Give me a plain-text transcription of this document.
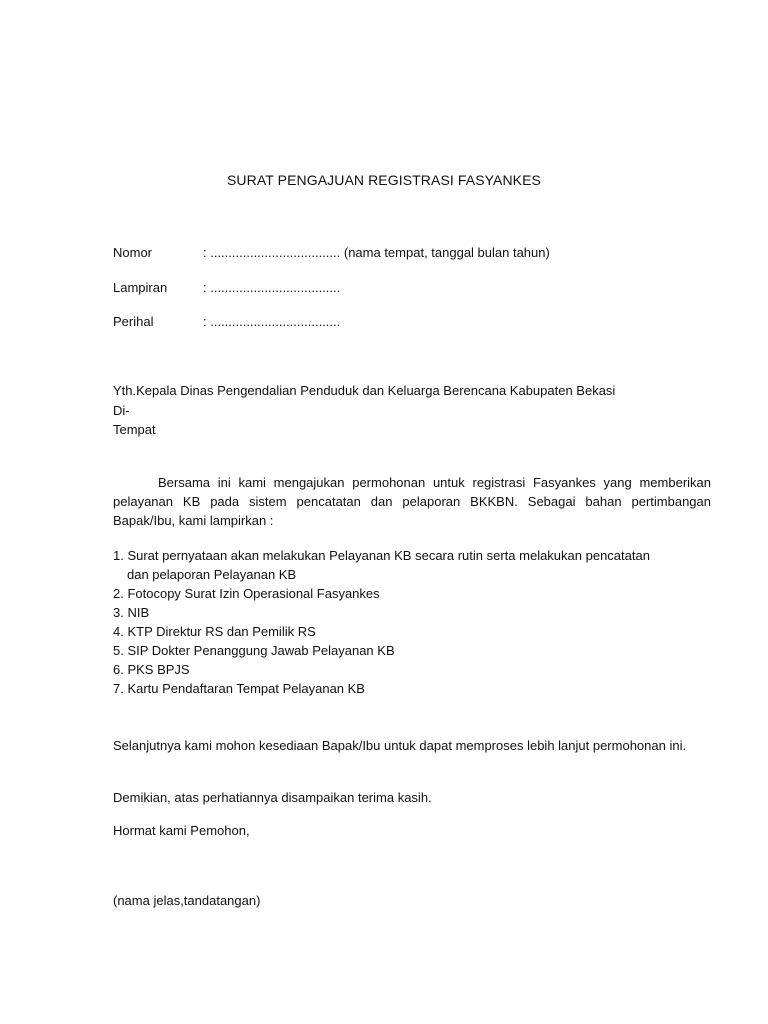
SURAT PENGAJUAN REGISTRASI FASYANKES
Nomor	: .................................... (nama tempat, tanggal bulan tahun)
Lampiran	: ....................................
Perihal	: ....................................
Yth.Kepala Dinas Pengendalian Penduduk dan Keluarga Berencana Kabupaten Bekasi
Di-
Tempat
Bersama ini kami mengajukan permohonan untuk registrasi Fasyankes yang memberikan pelayanan KB pada sistem pencatatan dan pelaporan BKKBN. Sebagai bahan pertimbangan Bapak/Ibu, kami lampirkan :
1. Surat pernyataan akan melakukan Pelayanan KB secara rutin serta melakukan pencatatan
dan pelaporan Pelayanan KB
2. Fotocopy Surat Izin Operasional Fasyankes
3. NIB
4. KTP Direktur RS dan Pemilik RS
5. SIP Dokter Penanggung Jawab Pelayanan KB
6. PKS BPJS
7. Kartu Pendaftaran Tempat Pelayanan KB
Selanjutnya kami mohon kesediaan Bapak/Ibu untuk dapat memproses lebih lanjut permohonan ini.
Demikian, atas perhatiannya disampaikan terima kasih.
Hormat kami Pemohon,
(nama jelas,tandatangan)
